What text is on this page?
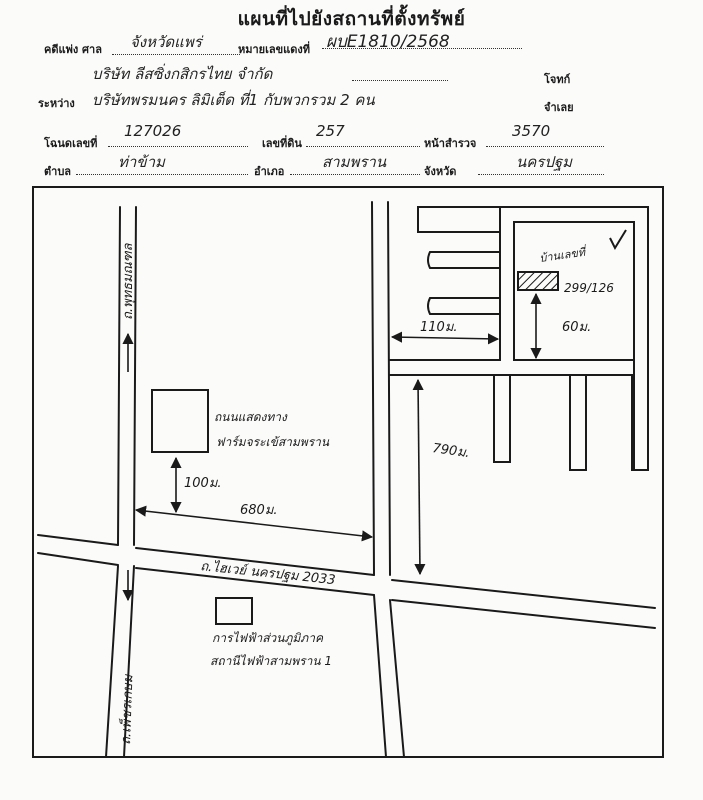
แผนที่ไปยังสถานที่ตั้งทรัพย์
คดีแพ่ง ศาล จังหวัดแพร่	หมายเลขแดงที่ ผบE1810/2568
บริษัท ลีสซิ่งกสิกรไทย จำกัด	โจทก์
ระหว่าง บริษัทพรมนคร ลิมิเต็ด ที่1 กับพวกรวม 2 คน	จำเลย
โฉนดเลขที่
127026
เลขที่ดิน
257
หน้าสำรวจ
3570
ตำบล
ท่าข้าม
อำเภอ
สามพราน
จังหวัด
นครปฐม
ถ.พุทธมณฑล
ถ.เพ็ชรเกษม
ถ.ไฮเวย์ นครปฐม 2033
ถนนแสดงทาง
ฟาร์มจระเข้สามพราน
การไฟฟ้าส่วนภูมิภาค
สถานีไฟฟ้าสามพราน 1
บ้านเลขที่
299/126
100ม.
680ม.
110ม.	60ม.
790ม.
